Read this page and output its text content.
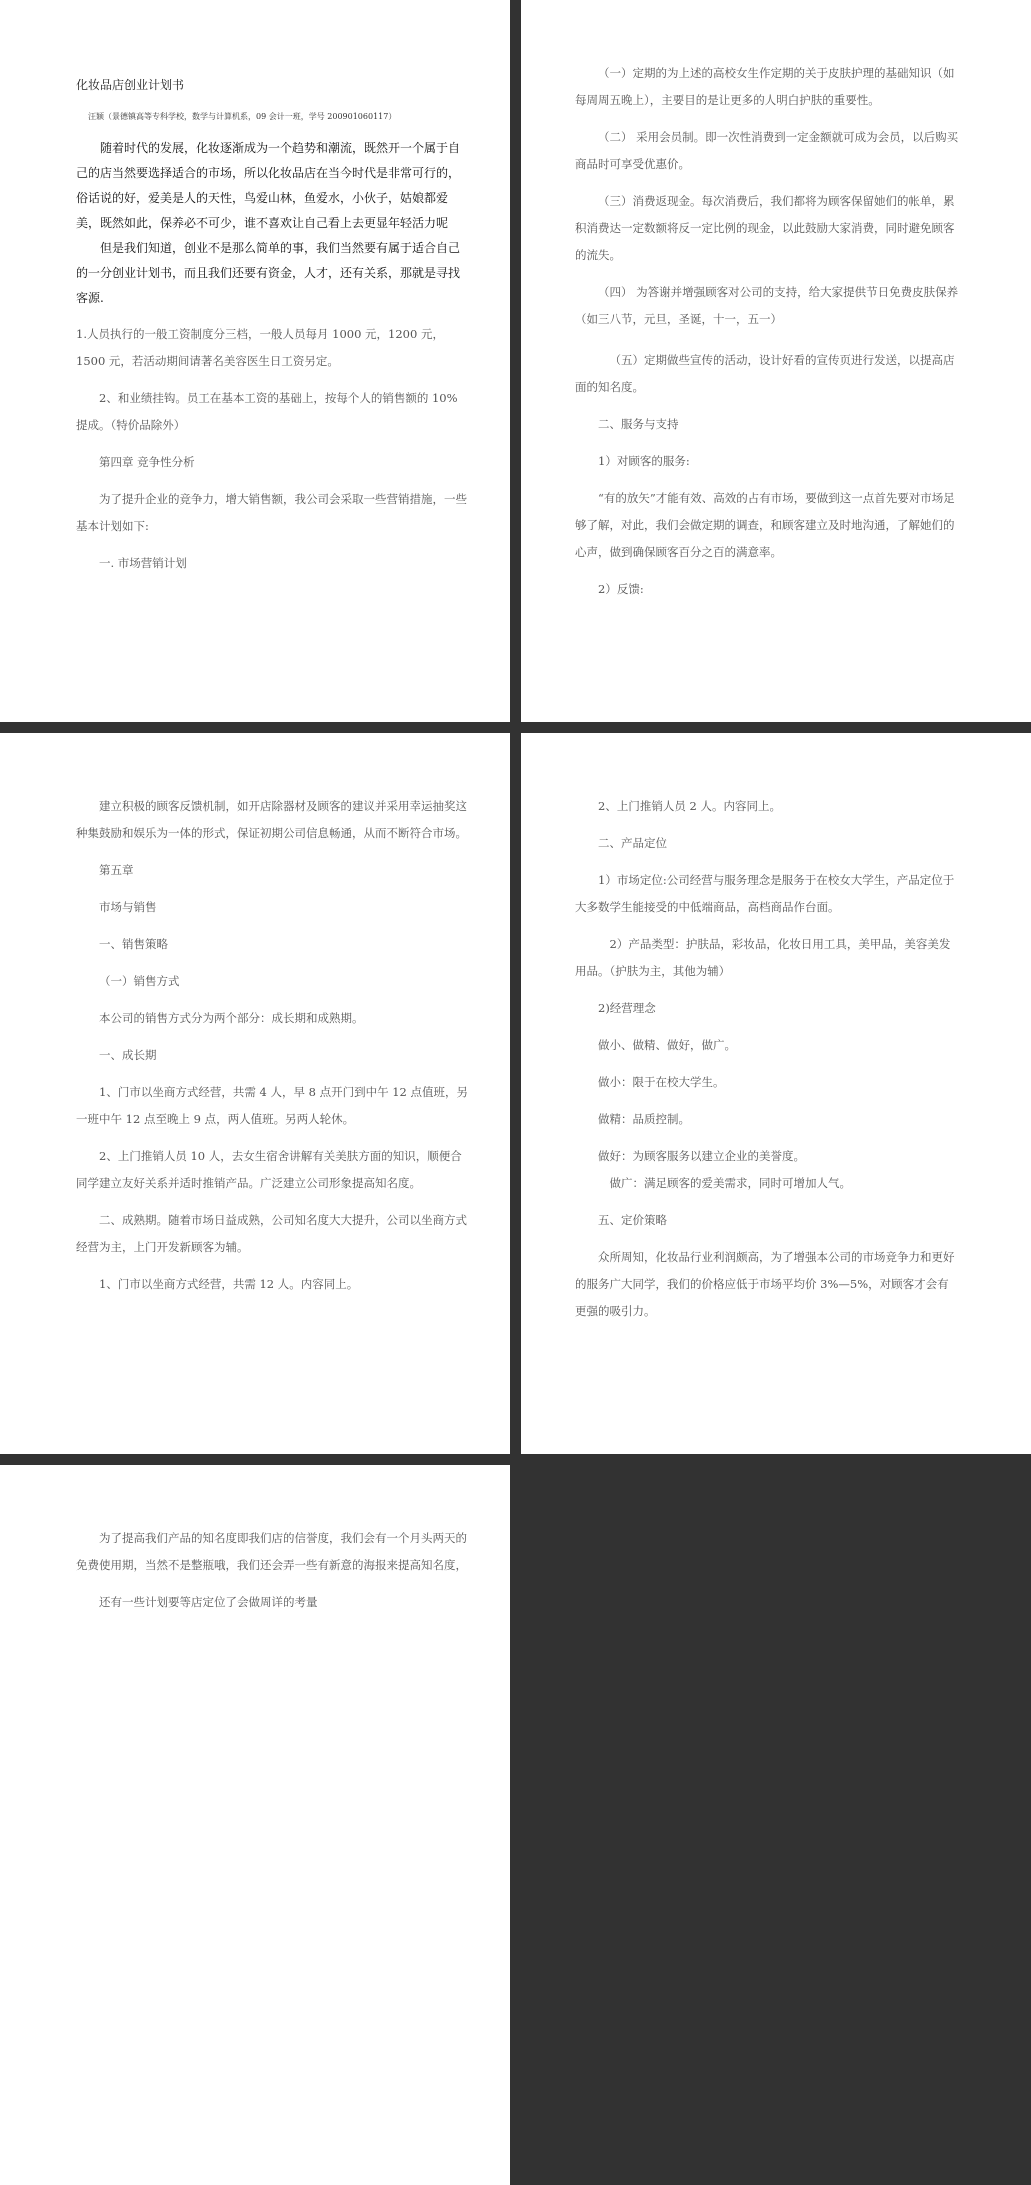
化妆品店创业计划书

汪颖（景德镇高等专科学校，数学与计算机系，09 会计一班，学号 200901060117）

随着时代的发展，化妆逐渐成为一个趋势和潮流，既然开一个属于自己的店当然要选择适合的市场，所以化妆品店在当今时代是非常可行的，俗话说的好，爱美是人的天性，鸟爱山林，鱼爱水，小伙子，姑娘都爱美，既然如此，保养必不可少，谁不喜欢让自己看上去更显年轻活力呢

但是我们知道，创业不是那么简单的事，我们当然要有属于适合自己的一分创业计划书，而且我们还要有资金，人才，还有关系，那就是寻找客源.

1.人员执行的一般工资制度分三档，一般人员每月 1000 元，1200 元，1500 元，若活动期间请著名美容医生日工资另定。

2、和业绩挂钩。员工在基本工资的基础上，按每个人的销售额的 10%提成。（特价品除外）

第四章 竞争性分析

为了提升企业的竞争力，增大销售额，我公司会采取一些营销措施，一些基本计划如下:

一. 市场营销计划

（一）定期的为上述的高校女生作定期的关于皮肤护理的基础知识（如每周周五晚上），主要目的是让更多的人明白护肤的重要性。

（二） 采用会员制。即一次性消费到一定金额就可成为会员，以后购买商品时可享受优惠价。

（三）消费返现金。每次消费后，我们都将为顾客保留她们的帐单，累积消费达一定数额将反一定比例的现金，以此鼓励大家消费，同时避免顾客的流失。

（四） 为答谢并增强顾客对公司的支持，给大家提供节日免费皮肤保养（如三八节，元旦，圣诞，十一，五一）

（五）定期做些宣传的活动，设计好看的宣传页进行发送，以提高店面的知名度。

二、服务与支持

1）对顾客的服务:

“有的放矢”才能有效、高效的占有市场，要做到这一点首先要对市场足够了解，对此，我们会做定期的调查，和顾客建立及时地沟通，了解她们的心声，做到确保顾客百分之百的满意率。

2）反馈:

建立积极的顾客反馈机制，如开店除器材及顾客的建议并采用幸运抽奖这种集鼓励和娱乐为一体的形式，保证初期公司信息畅通，从而不断符合市场。

第五章

市场与销售

一、销售策略

（一）销售方式

本公司的销售方式分为两个部分：成长期和成熟期。

一、成长期

1、门市以坐商方式经营，共需 4 人，早 8 点开门到中午 12 点值班，另一班中午 12 点至晚上 9 点，两人值班。另两人轮休。

2、上门推销人员 10 人，去女生宿舍讲解有关美肤方面的知识，顺便合同学建立友好关系并适时推销产品。广泛建立公司形象提高知名度。

二、成熟期。随着市场日益成熟，公司知名度大大提升，公司以坐商方式经营为主，上门开发新顾客为辅。

1、门市以坐商方式经营，共需 12 人。内容同上。

2、上门推销人员 2 人。内容同上。

二、产品定位

1）市场定位:公司经营与服务理念是服务于在校女大学生，产品定位于大多数学生能接受的中低端商品，高档商品作台面。

2）产品类型：护肤品，彩妆品，化妆日用工具，美甲品，美容美发用品。（护肤为主，其他为辅）

2)经营理念

做小、做精、做好，做广。

做小：限于在校大学生。

做精：品质控制。

做好：为顾客服务以建立企业的美誉度。

做广：满足顾客的爱美需求，同时可增加人气。

五、定价策略

众所周知，化妆品行业利润颇高，为了增强本公司的市场竞争力和更好的服务广大同学，我们的价格应低于市场平均价 3%—5%，对顾客才会有更强的吸引力。

为了提高我们产品的知名度即我们店的信誉度，我们会有一个月头两天的免费使用期，当然不是整瓶哦，我们还会弄一些有新意的海报来提高知名度，

还有一些计划要等店定位了会做周详的考量
